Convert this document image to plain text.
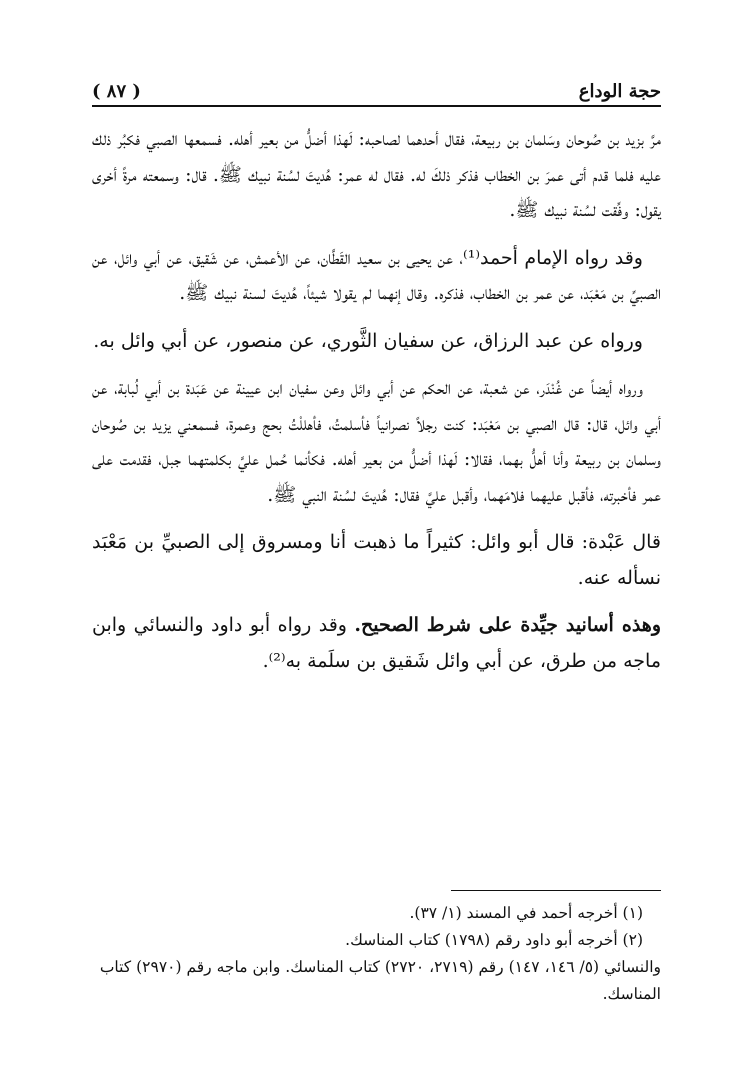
حجة الوداع
( ٨٧ )

مرَّ بزيد بن صُوحان وسَلمان بن ربيعة، فقال أحدهما لصاحبه: لَهذا أضلُّ من بعير أهله. فسمعها الصبي فكبُر ذلك عليه فلما قدم أتى عمرَ بن الخطاب فذكر ذلكَ له. فقال له عمر: هُديتَ لسُنة نبيك ﷺ. قال: وسمعته مرةً أخرى يقول: وفِّقت لسُنة نبيك ﷺ.

وقد رواه الإمام أحمد⁽¹⁾، عن يحيى بن سعيد القَطَّان، عن الأعمش، عن شَقيق، عن أبي وائل، عن الصبيِّ بن مَعْبَد، عن عمر بن الخطاب، فذكره. وقال إنهما لم يقولا شيئاً، هُديتَ لسنة نبيك ﷺ.

ورواه عن عبد الرزاق، عن سفيان الثَّوري، عن منصور، عن أبي وائل به.

ورواه أيضاً عن غُنْدَر، عن شعبة، عن الحكم عن أبي وائل وعن سفيان ابن عيينة عن عَبَدة بن أبي لُبابة، عن أبي وائل، قال: قال الصبي بن مَعْبَد: كنت رجلاً نصرانياً فأسلمتُ، فأهللْتُ بحج وعمرة، فسمعني يزيد بن صُوحان وسلمان بن ربيعة وأنا أهلُّ بهما، فقالا: لَهذا أضلُّ من بعير أهله. فكأنما حُمل عليَّ بكلمتهما جبل، فقدمت على عمر فأخبرته، فأقبل عليهما فلامَهما، وأقبل عليَّ فقال: هُديتَ لسُنة النبي ﷺ.

قال عَبْدة: قال أبو وائل: كثيراً ما ذهبت أنا ومسروق إلى الصبيِّ بن مَعْبَد نسأله عنه.

وهذه أسانيد جيِّدة على شرط الصحيح. وقد رواه أبو داود والنسائي وابن ماجه من طرق، عن أبي وائل شَقيق بن سلَمة به⁽²⁾.

(١) أخرجه أحمد في المسند (١/ ٣٧).

(٢) أخرجه أبو داود رقم (١٧٩٨) كتاب المناسك.

والنسائي (٥/ ١٤٦، ١٤٧) رقم (٢٧١٩، ٢٧٢٠) كتاب المناسك. وابن ماجه رقم (٢٩٧٠) كتاب المناسك.
